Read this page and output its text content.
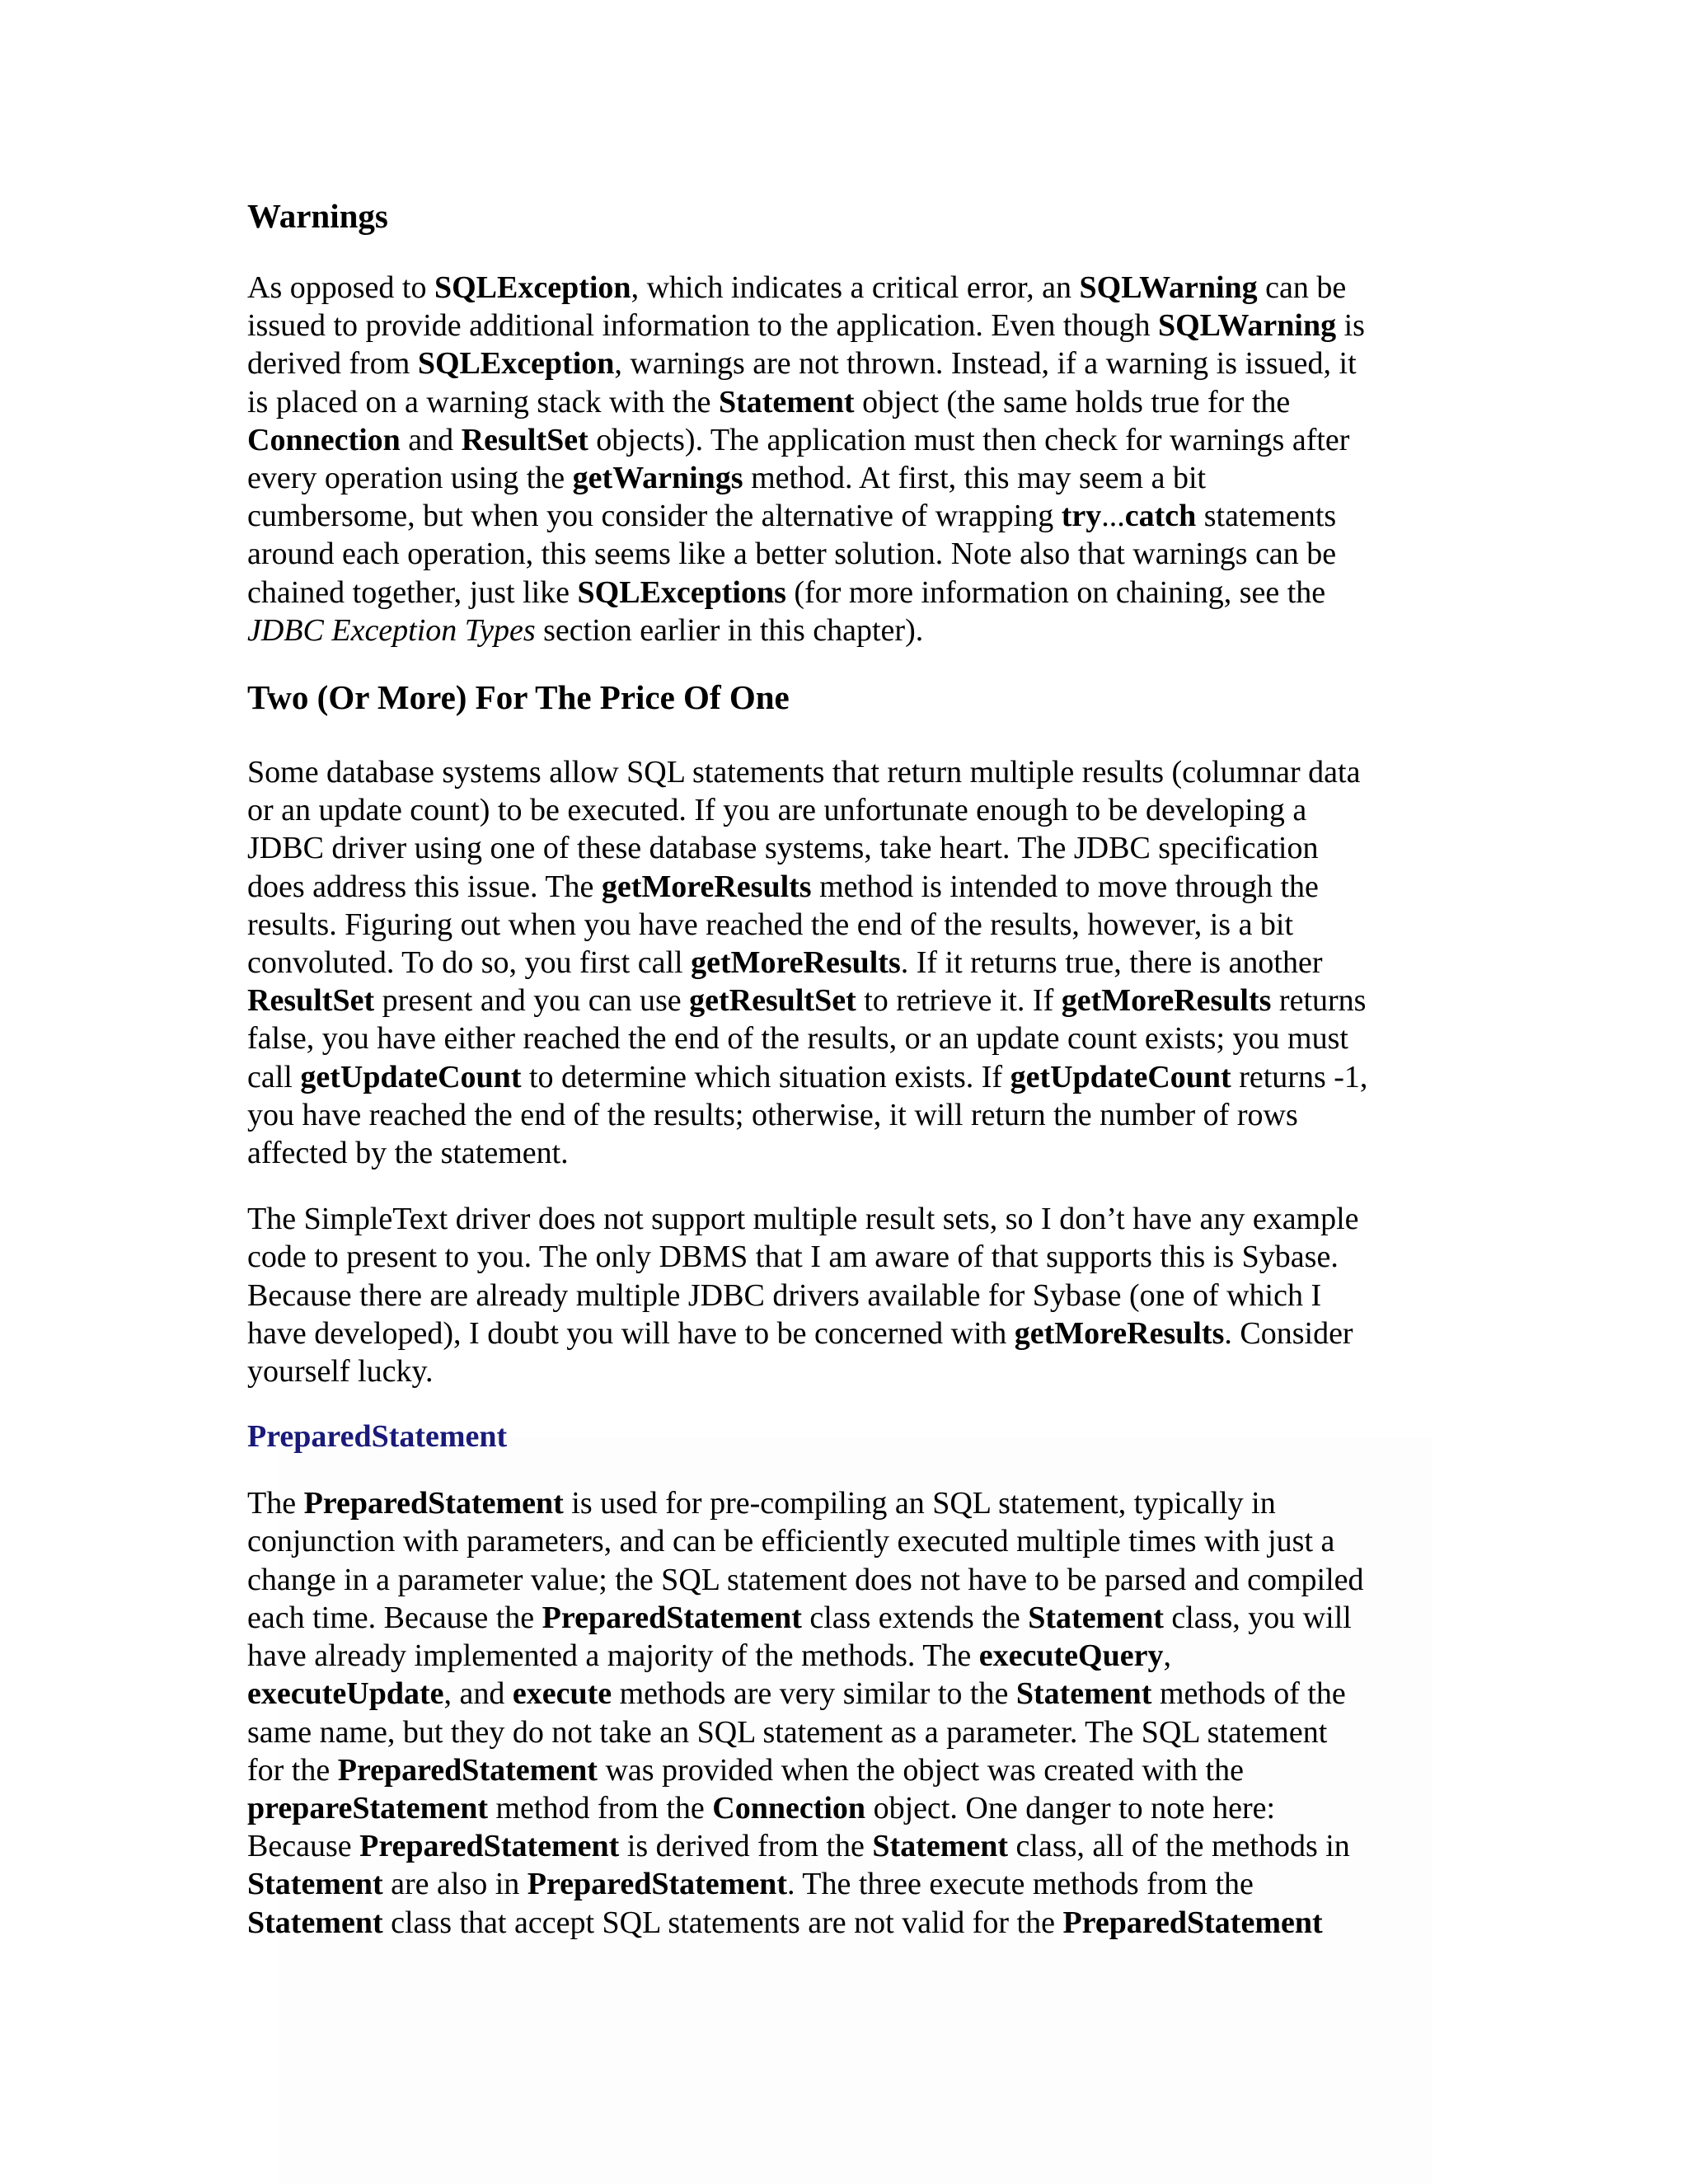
Warnings

As opposed to SQLException, which indicates a critical error, an SQLWarning can be
issued to provide additional information to the application. Even though SQLWarning is
derived from SQLException, warnings are not thrown. Instead, if a warning is issued, it
is placed on a warning stack with the Statement object (the same holds true for the
Connection and ResultSet objects). The application must then check for warnings after
every operation using the getWarnings method. At first, this may seem a bit
cumbersome, but when you consider the alternative of wrapping try...catch statements
around each operation, this seems like a better solution. Note also that warnings can be
chained together, just like SQLExceptions (for more information on chaining, see the
JDBC Exception Types section earlier in this chapter).

Two (Or More) For The Price Of One

Some database systems allow SQL statements that return multiple results (columnar data
or an update count) to be executed. If you are unfortunate enough to be developing a
JDBC driver using one of these database systems, take heart. The JDBC specification
does address this issue. The getMoreResults method is intended to move through the
results. Figuring out when you have reached the end of the results, however, is a bit
convoluted. To do so, you first call getMoreResults. If it returns true, there is another
ResultSet present and you can use getResultSet to retrieve it. If getMoreResults returns
false, you have either reached the end of the results, or an update count exists; you must
call getUpdateCount to determine which situation exists. If getUpdateCount returns -1,
you have reached the end of the results; otherwise, it will return the number of rows
affected by the statement.

The SimpleText driver does not support multiple result sets, so I don’t have any example
code to present to you. The only DBMS that I am aware of that supports this is Sybase.
Because there are already multiple JDBC drivers available for Sybase (one of which I
have developed), I doubt you will have to be concerned with getMoreResults. Consider
yourself lucky.

PreparedStatement

The PreparedStatement is used for pre-compiling an SQL statement, typically in
conjunction with parameters, and can be efficiently executed multiple times with just a
change in a parameter value; the SQL statement does not have to be parsed and compiled
each time. Because the PreparedStatement class extends the Statement class, you will
have already implemented a majority of the methods. The executeQuery,
executeUpdate, and execute methods are very similar to the Statement methods of the
same name, but they do not take an SQL statement as a parameter. The SQL statement
for the PreparedStatement was provided when the object was created with the
prepareStatement method from the Connection object. One danger to note here:
Because PreparedStatement is derived from the Statement class, all of the methods in
Statement are also in PreparedStatement. The three execute methods from the
Statement class that accept SQL statements are not valid for the PreparedStatement
